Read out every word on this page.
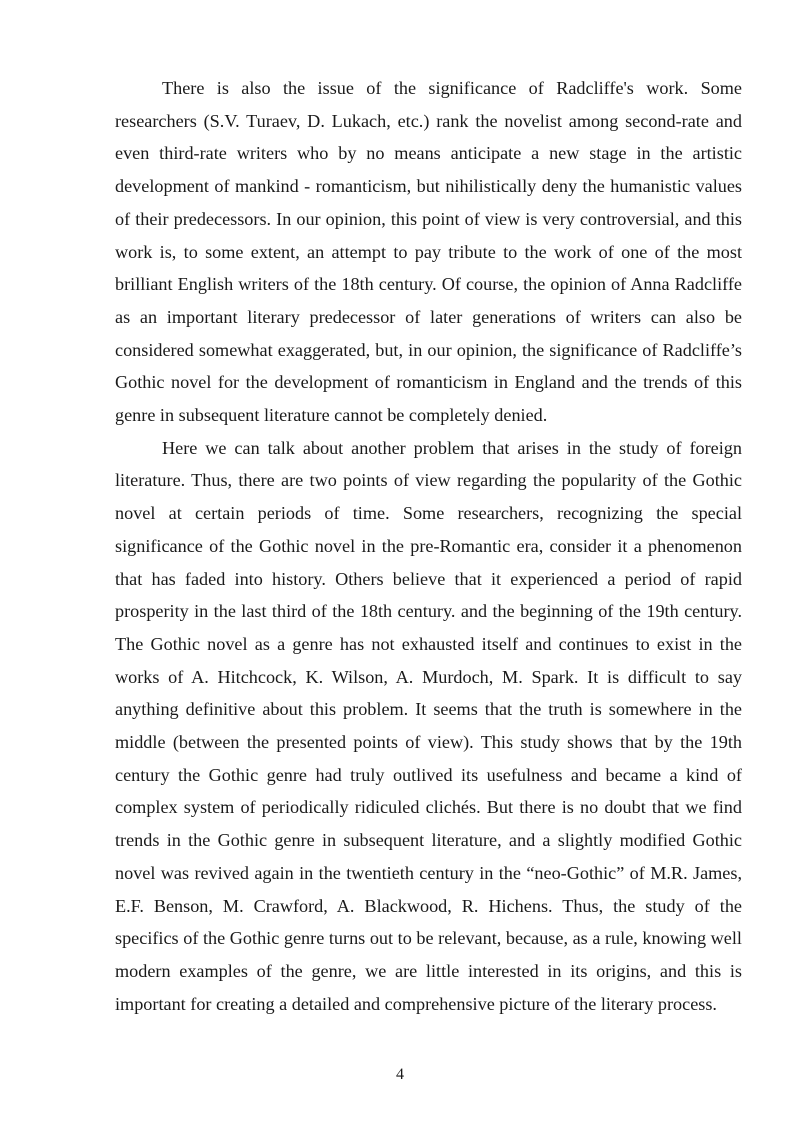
There is also the issue of the significance of Radcliffe's work. Some researchers (S.V. Turaev, D. Lukach, etc.) rank the novelist among second-rate and even third-rate writers who by no means anticipate a new stage in the artistic development of mankind - romanticism, but nihilistically deny the humanistic values of their predecessors. In our opinion, this point of view is very controversial, and this work is, to some extent, an attempt to pay tribute to the work of one of the most brilliant English writers of the 18th century. Of course, the opinion of Anna Radcliffe as an important literary predecessor of later generations of writers can also be considered somewhat exaggerated, but, in our opinion, the significance of Radcliffe’s Gothic novel for the development of romanticism in England and the trends of this genre in subsequent literature cannot be completely denied.

Here we can talk about another problem that arises in the study of foreign literature. Thus, there are two points of view regarding the popularity of the Gothic novel at certain periods of time. Some researchers, recognizing the special significance of the Gothic novel in the pre-Romantic era, consider it a phenomenon that has faded into history. Others believe that it experienced a period of rapid prosperity in the last third of the 18th century. and the beginning of the 19th century. The Gothic novel as a genre has not exhausted itself and continues to exist in the works of A. Hitchcock, K. Wilson, A. Murdoch, M. Spark. It is difficult to say anything definitive about this problem. It seems that the truth is somewhere in the middle (between the presented points of view). This study shows that by the 19th century the Gothic genre had truly outlived its usefulness and became a kind of complex system of periodically ridiculed clichés. But there is no doubt that we find trends in the Gothic genre in subsequent literature, and a slightly modified Gothic novel was revived again in the twentieth century in the “neo-Gothic” of M.R. James, E.F. Benson, M. Crawford, A. Blackwood, R. Hichens. Thus, the study of the specifics of the Gothic genre turns out to be relevant, because, as a rule, knowing well modern examples of the genre, we are little interested in its origins, and this is important for creating a detailed and comprehensive picture of the literary process.

4
